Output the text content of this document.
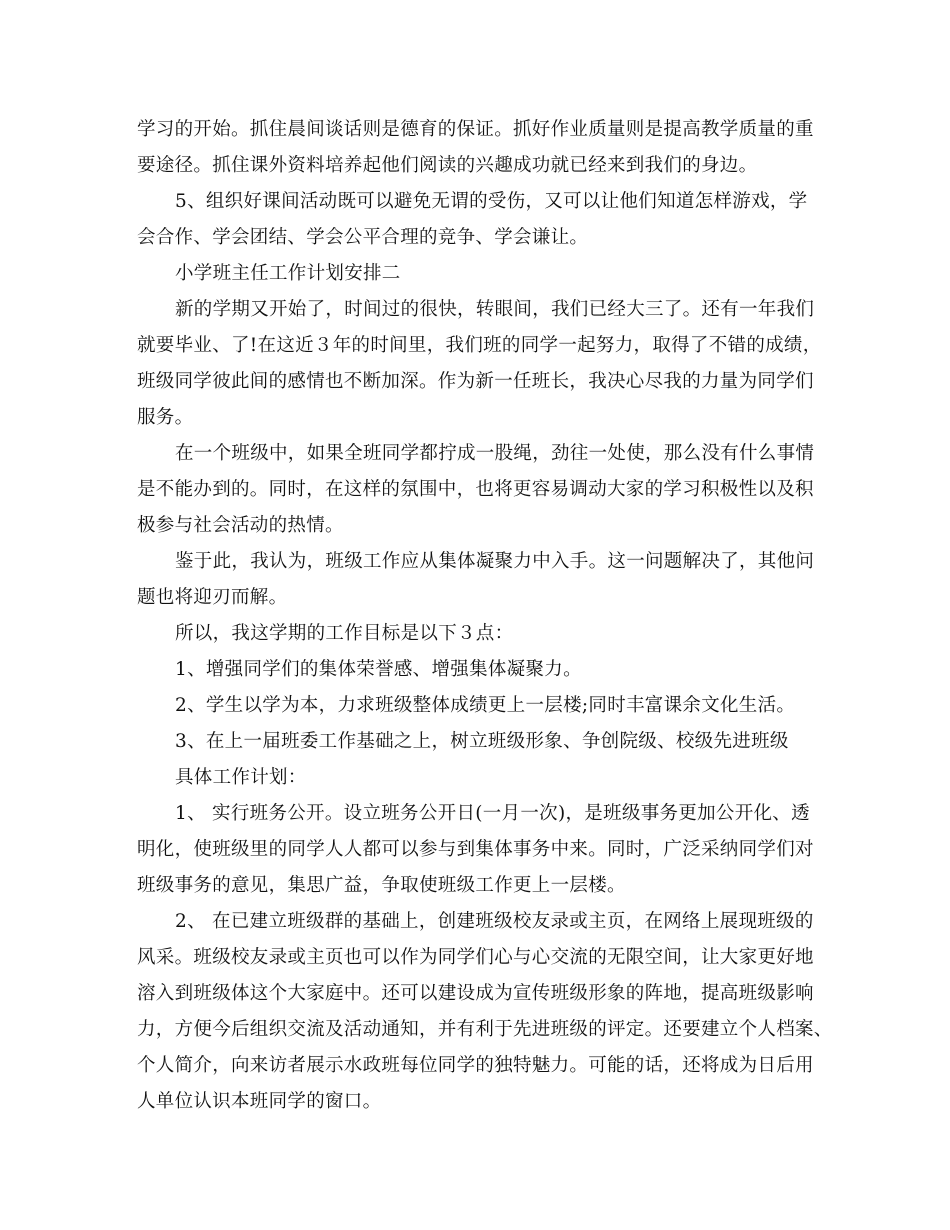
学习的开始。抓住晨间谈话则是德育的保证。抓好作业质量则是提高教学质量的重
要途径。抓住课外资料培养起他们阅读的兴趣成功就已经来到我们的身边。
5、组织好课间活动既可以避免无谓的受伤，又可以让他们知道怎样游戏，学
会合作、学会团结、学会公平合理的竞争、学会谦让。
小学班主任工作计划安排二
新的学期又开始了，时间过的很快，转眼间，我们已经大三了。还有一年我们
就要毕业、了!在这近３年的时间里，我们班的同学一起努力，取得了不错的成绩，
班级同学彼此间的感情也不断加深。作为新一任班长，我决心尽我的力量为同学们
服务。
在一个班级中，如果全班同学都拧成一股绳，劲往一处使，那么没有什么事情
是不能办到的。同时，在这样的氛围中，也将更容易调动大家的学习积极性以及积
极参与社会活动的热情。
鉴于此，我认为，班级工作应从集体凝聚力中入手。这一问题解决了，其他问
题也将迎刃而解。
所以，我这学期的工作目标是以下３点：
1、增强同学们的集体荣誉感、增强集体凝聚力。
2、学生以学为本，力求班级整体成绩更上一层楼;同时丰富课余文化生活。
3、在上一届班委工作基础之上，树立班级形象、争创院级、校级先进班级
具体工作计划：
1、 实行班务公开。设立班务公开日(一月一次)，是班级事务更加公开化、透
明化，使班级里的同学人人都可以参与到集体事务中来。同时，广泛采纳同学们对
班级事务的意见，集思广益，争取使班级工作更上一层楼。
2、 在已建立班级群的基础上，创建班级校友录或主页，在网络上展现班级的
风采。班级校友录或主页也可以作为同学们心与心交流的无限空间，让大家更好地
溶入到班级体这个大家庭中。还可以建设成为宣传班级形象的阵地，提高班级影响
力，方便今后组织交流及活动通知，并有利于先进班级的评定。还要建立个人档案、
个人简介，向来访者展示水政班每位同学的独特魅力。可能的话，还将成为日后用
人单位认识本班同学的窗口。
